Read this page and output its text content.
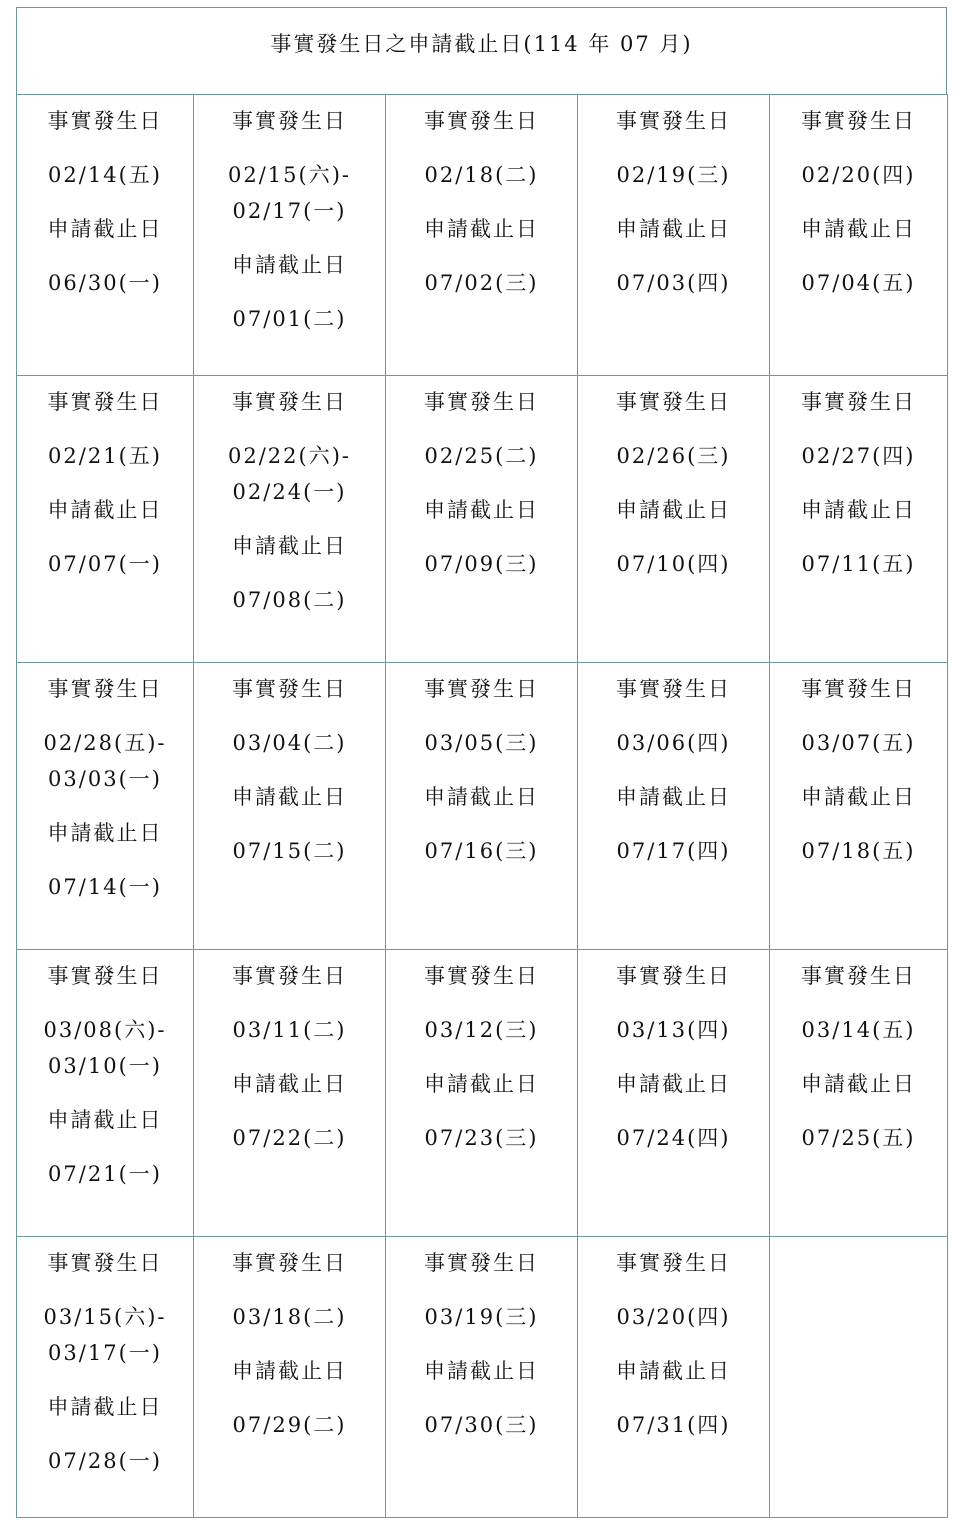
事實發生日之申請截止日(114 年 07 月)
事實發生日
02/14(五)
申請截止日
06/30(一)	事實發生日
02/15(六)-
02/17(一)
申請截止日
07/01(二)	事實發生日
02/18(二)
申請截止日
07/02(三)	事實發生日
02/19(三)
申請截止日
07/03(四)	事實發生日
02/20(四)
申請截止日
07/04(五)

事實發生日
02/21(五)
申請截止日
07/07(一)	事實發生日
02/22(六)-
02/24(一)
申請截止日
07/08(二)	事實發生日
02/25(二)
申請截止日
07/09(三)	事實發生日
02/26(三)
申請截止日
07/10(四)	事實發生日
02/27(四)
申請截止日
07/11(五)

事實發生日
02/28(五)-
03/03(一)
申請截止日
07/14(一)	事實發生日
03/04(二)
申請截止日
07/15(二)	事實發生日
03/05(三)
申請截止日
07/16(三)	事實發生日
03/06(四)
申請截止日
07/17(四)	事實發生日
03/07(五)
申請截止日
07/18(五)

事實發生日
03/08(六)-
03/10(一)
申請截止日
07/21(一)	事實發生日
03/11(二)
申請截止日
07/22(二)	事實發生日
03/12(三)
申請截止日
07/23(三)	事實發生日
03/13(四)
申請截止日
07/24(四)	事實發生日
03/14(五)
申請截止日
07/25(五)

事實發生日
03/15(六)-
03/17(一)
申請截止日
07/28(一)	事實發生日
03/18(二)
申請截止日
07/29(二)	事實發生日
03/19(三)
申請截止日
07/30(三)	事實發生日
03/20(四)
申請截止日
07/31(四)	
